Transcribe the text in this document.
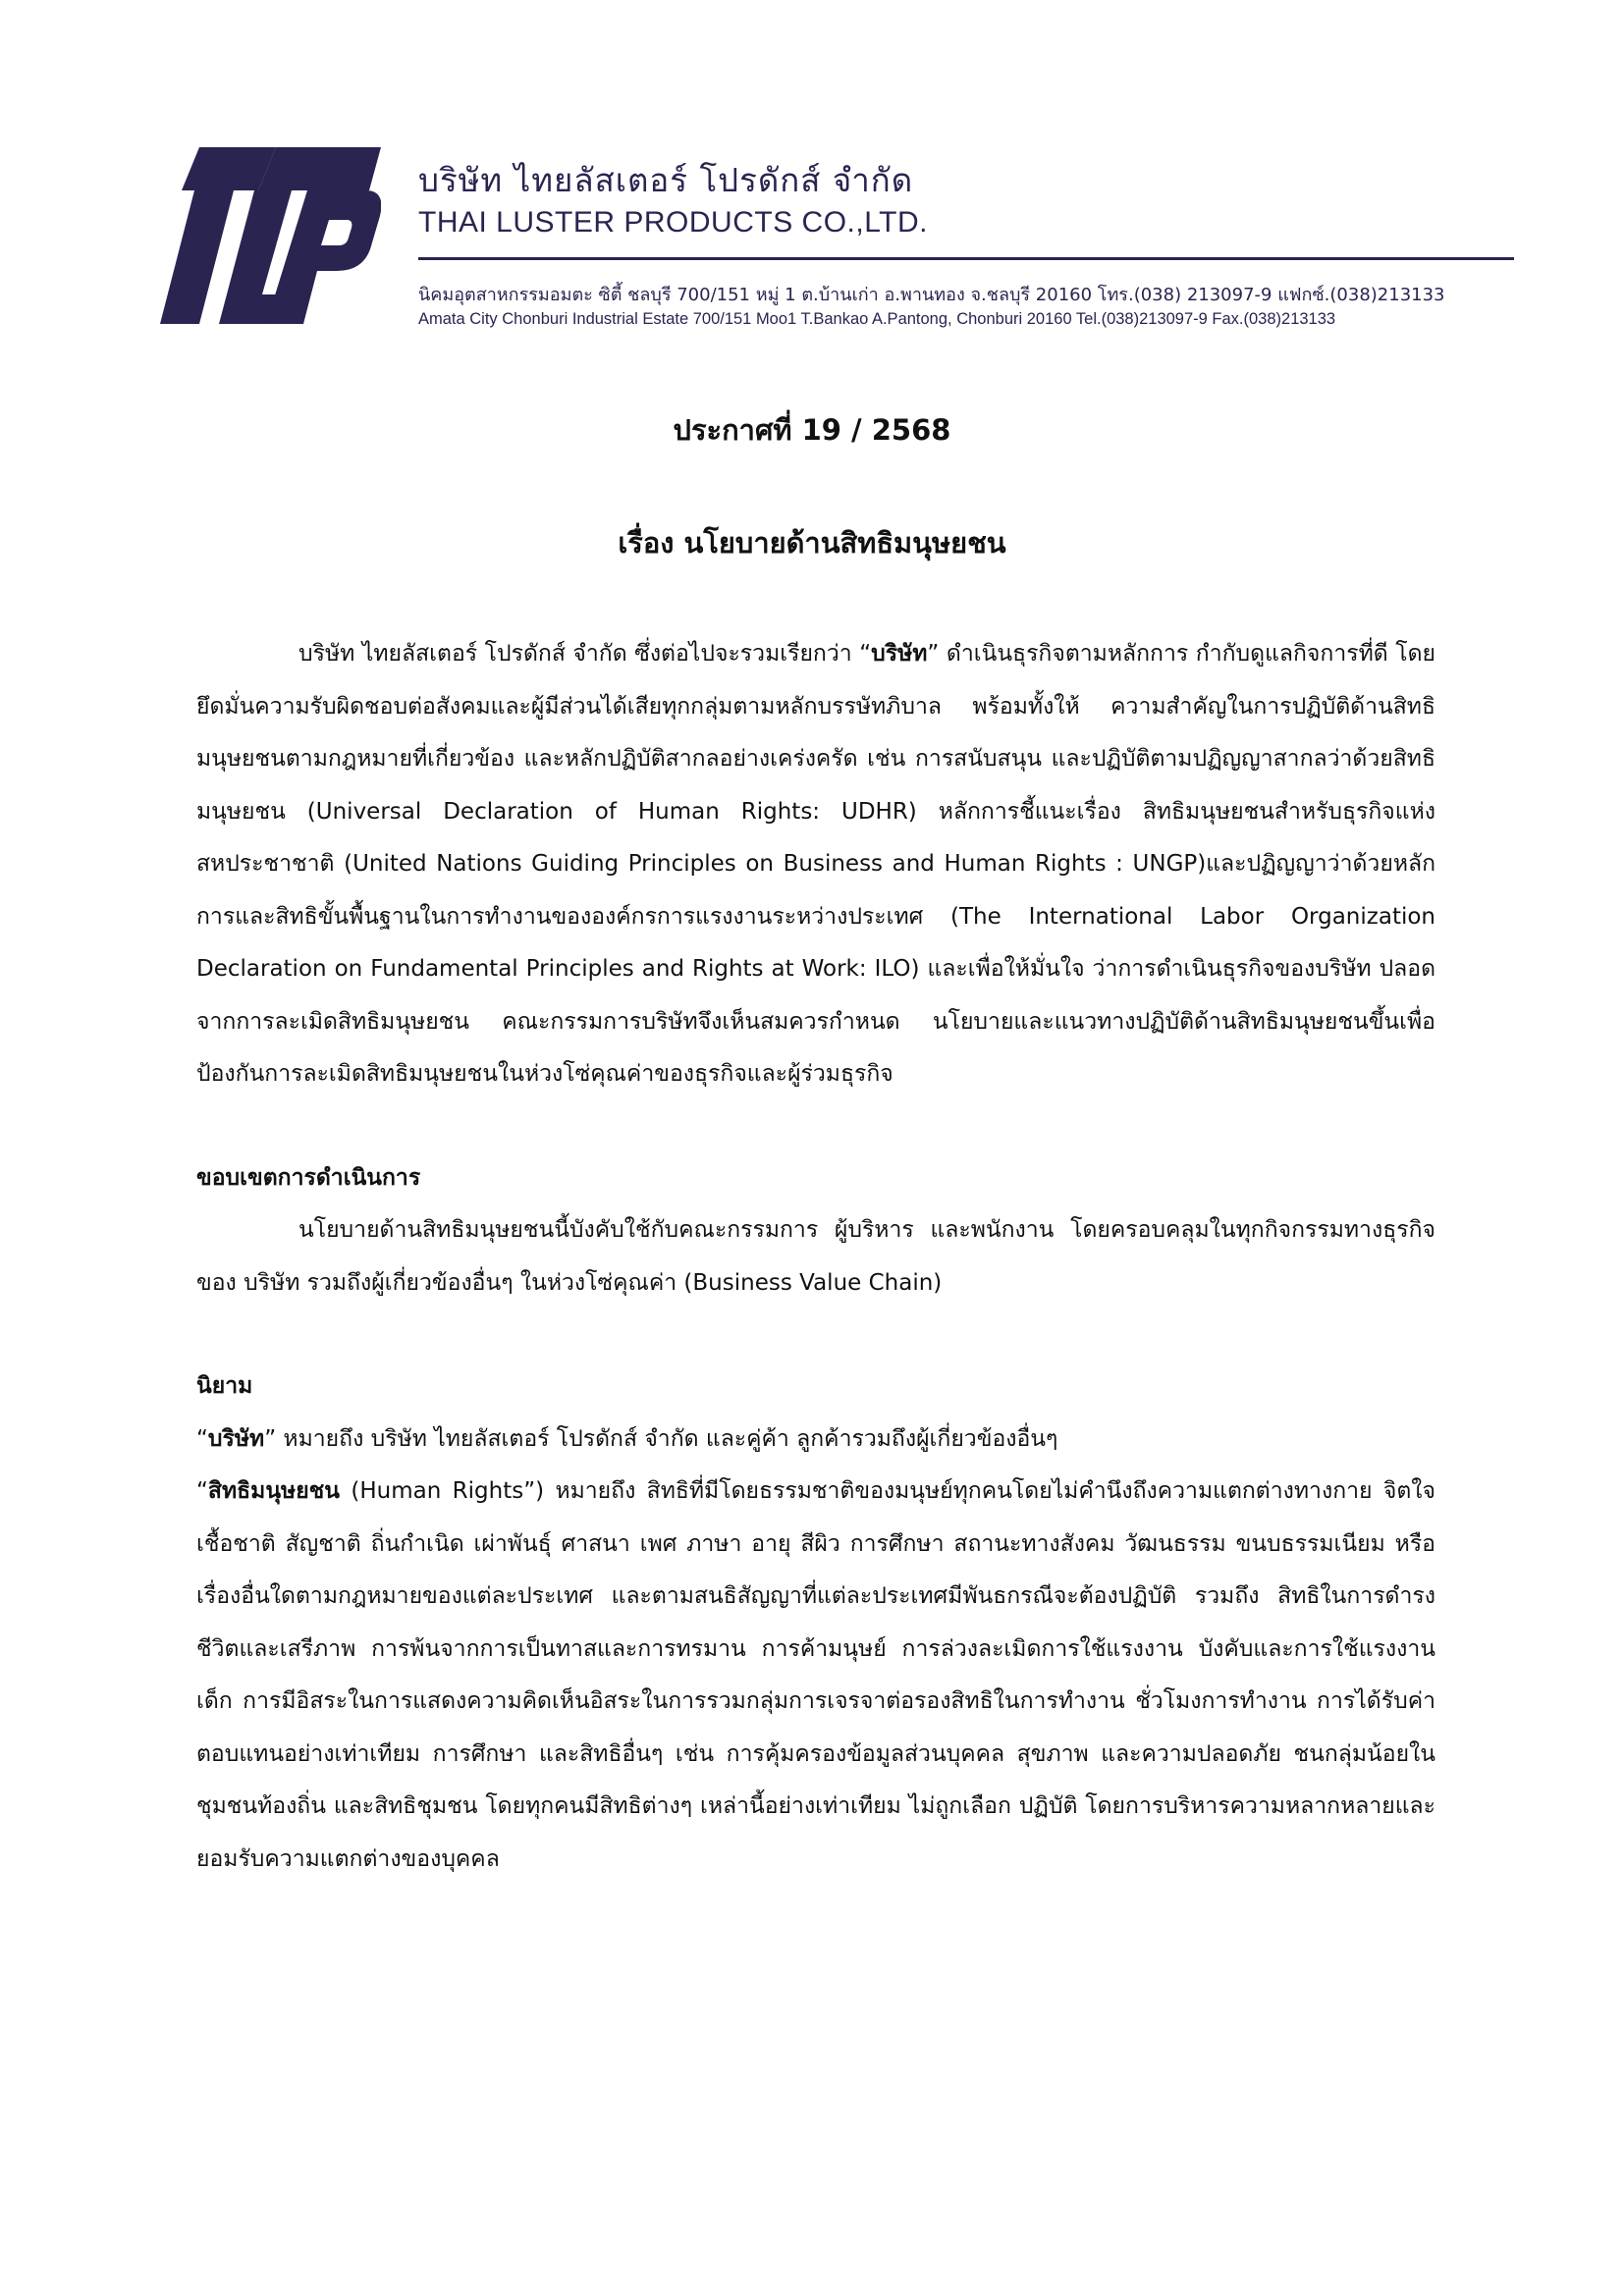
บริษัท ไทยลัสเตอร์ โปรดักส์ จำกัด
THAI LUSTER PRODUCTS CO.,LTD.
นิคมอุตสาหกรรมอมตะ ซิตี้ ชลบุรี 700/151 หมู่ 1 ต.บ้านเก่า อ.พานทอง จ.ชลบุรี 20160 โทร.(038) 213097-9 แฟกซ์.(038)213133
Amata City Chonburi Industrial Estate 700/151 Moo1 T.Bankao A.Pantong, Chonburi 20160 Tel.(038)213097-9 Fax.(038)213133
ประกาศที่ 19 / 2568
เรื่อง นโยบายด้านสิทธิมนุษยชน

บริษัท ไทยลัสเตอร์ โปรดักส์ จำกัด ซึ่งต่อไปจะรวมเรียกว่า “บริษัท” ดำเนินธุรกิจตามหลักการ กำกับดูแลกิจการที่ดี โดยยึดมั่นความรับผิดชอบต่อสังคมและผู้มีส่วนได้เสียทุกกลุ่มตามหลักบรรษัทภิบาล พร้อมทั้งให้ ความสำคัญในการปฏิบัติด้านสิทธิมนุษยชนตามกฎหมายที่เกี่ยวข้อง และหลักปฏิบัติสากลอย่างเคร่งครัด เช่น การสนับสนุน และปฏิบัติตามปฏิญญาสากลว่าด้วยสิทธิมนุษยชน (Universal Declaration of Human Rights: UDHR) หลักการชี้แนะเรื่อง สิทธิมนุษยชนสำหรับธุรกิจแห่งสหประชาชาติ (United Nations Guiding Principles on Business and Human Rights : UNGP)และปฏิญญาว่าด้วยหลักการและสิทธิขั้นพื้นฐานในการทำงานขององค์กรการแรงงานระหว่างประเทศ (The International Labor Organization Declaration on Fundamental Principles and Rights at Work: ILO) และเพื่อให้มั่นใจ ว่าการดำเนินธุรกิจของบริษัท ปลอดจากการละเมิดสิทธิมนุษยชน คณะกรรมการบริษัทจึงเห็นสมควรกำหนด นโยบายและแนวทางปฏิบัติด้านสิทธิมนุษยชนขึ้นเพื่อป้องกันการละเมิดสิทธิมนุษยชนในห่วงโซ่คุณค่าของธุรกิจและผู้ร่วมธุรกิจ

ขอบเขตการดำเนินการ

นโยบายด้านสิทธิมนุษยชนนี้บังคับใช้กับคณะกรรมการ ผู้บริหาร และพนักงาน โดยครอบคลุมในทุกกิจกรรมทางธุรกิจของ บริษัท รวมถึงผู้เกี่ยวข้องอื่นๆ ในห่วงโซ่คุณค่า (Business Value Chain)

นิยาม

“บริษัท” หมายถึง บริษัท ไทยลัสเตอร์ โปรดักส์ จำกัด และคู่ค้า ลูกค้ารวมถึงผู้เกี่ยวข้องอื่นๆ

“สิทธิมนุษยชน (Human Rights”) หมายถึง สิทธิที่มีโดยธรรมชาติของมนุษย์ทุกคนโดยไม่คำนึงถึงความแตกต่างทางกาย จิตใจ เชื้อชาติ สัญชาติ ถิ่นกำเนิด เผ่าพันธุ์ ศาสนา เพศ ภาษา อายุ สีผิว การศึกษา สถานะทางสังคม วัฒนธรรม ขนบธรรมเนียม หรือเรื่องอื่นใดตามกฎหมายของแต่ละประเทศ และตามสนธิสัญญาที่แต่ละประเทศมีพันธกรณีจะต้องปฏิบัติ รวมถึง สิทธิในการดำรงชีวิตและเสรีภาพ การพ้นจากการเป็นทาสและการทรมาน การค้ามนุษย์ การล่วงละเมิดการใช้แรงงาน บังคับและการใช้แรงงานเด็ก การมีอิสระในการแสดงความคิดเห็นอิสระในการรวมกลุ่มการเจรจาต่อรองสิทธิในการทำงาน ชั่วโมงการทำงาน การได้รับค่าตอบแทนอย่างเท่าเทียม การศึกษา และสิทธิอื่นๆ เช่น การคุ้มครองข้อมูลส่วนบุคคล สุขภาพ และความปลอดภัย ชนกลุ่มน้อยในชุมชนท้องถิ่น และสิทธิชุมชน โดยทุกคนมีสิทธิต่างๆ เหล่านี้อย่างเท่าเทียม ไม่ถูกเลือก ปฏิบัติ โดยการบริหารความหลากหลายและยอมรับความแตกต่างของบุคคล
